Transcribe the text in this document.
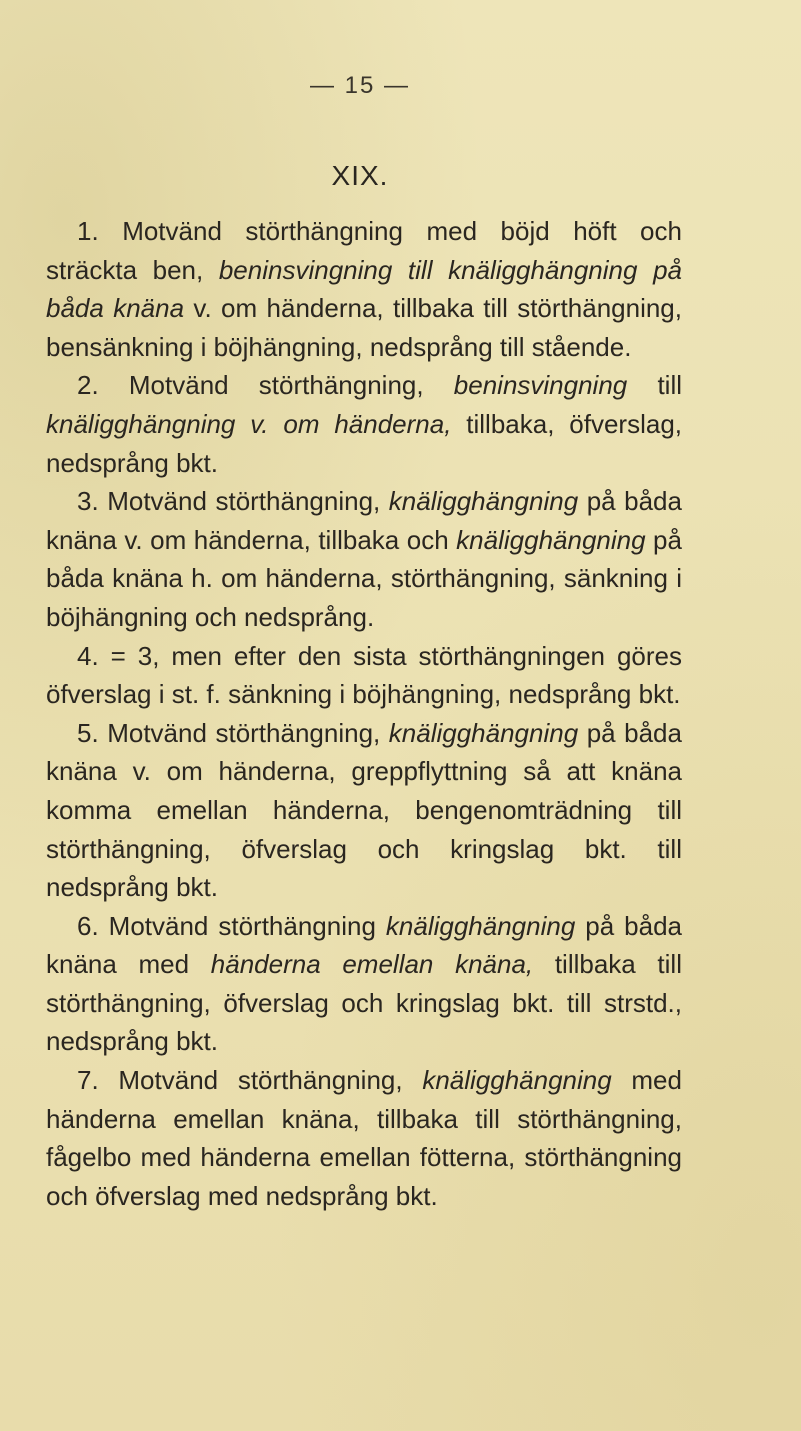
— 15 —
XIX.

1. Motvänd störthängning med böjd höft och sträckta ben, beninsvingning till knäligghängning på båda knäna v. om händerna, tillbaka till störthängning, bensänkning i böjhängning, nedsprång till stående.

2. Motvänd störthängning, beninsvingning till knäligghängning v. om händerna, tillbaka, öfverslag, nedsprång bkt.

3. Motvänd störthängning, knäligghängning på båda knäna v. om händerna, tillbaka och knäligghängning på båda knäna h. om händerna, störthängning, sänkning i böjhängning och nedsprång.

4. = 3, men efter den sista störthängningen göres öfverslag i st. f. sänkning i böjhängning, nedsprång bkt.

5. Motvänd störthängning, knäligghängning på båda knäna v. om händerna, greppflyttning så att knäna komma emellan händerna, bengenomträdning till störthängning, öfverslag och kringslag bkt. till nedsprång bkt.

6. Motvänd störthängning knäligghängning på båda knäna med händerna emellan knäna, tillbaka till störthängning, öfverslag och kringslag bkt. till strstd., nedsprång bkt.

7. Motvänd störthängning, knäligghängning med händerna emellan knäna, tillbaka till störthängning, fågelbo med händerna emellan fötterna, störthängning och öfverslag med nedsprång bkt.
